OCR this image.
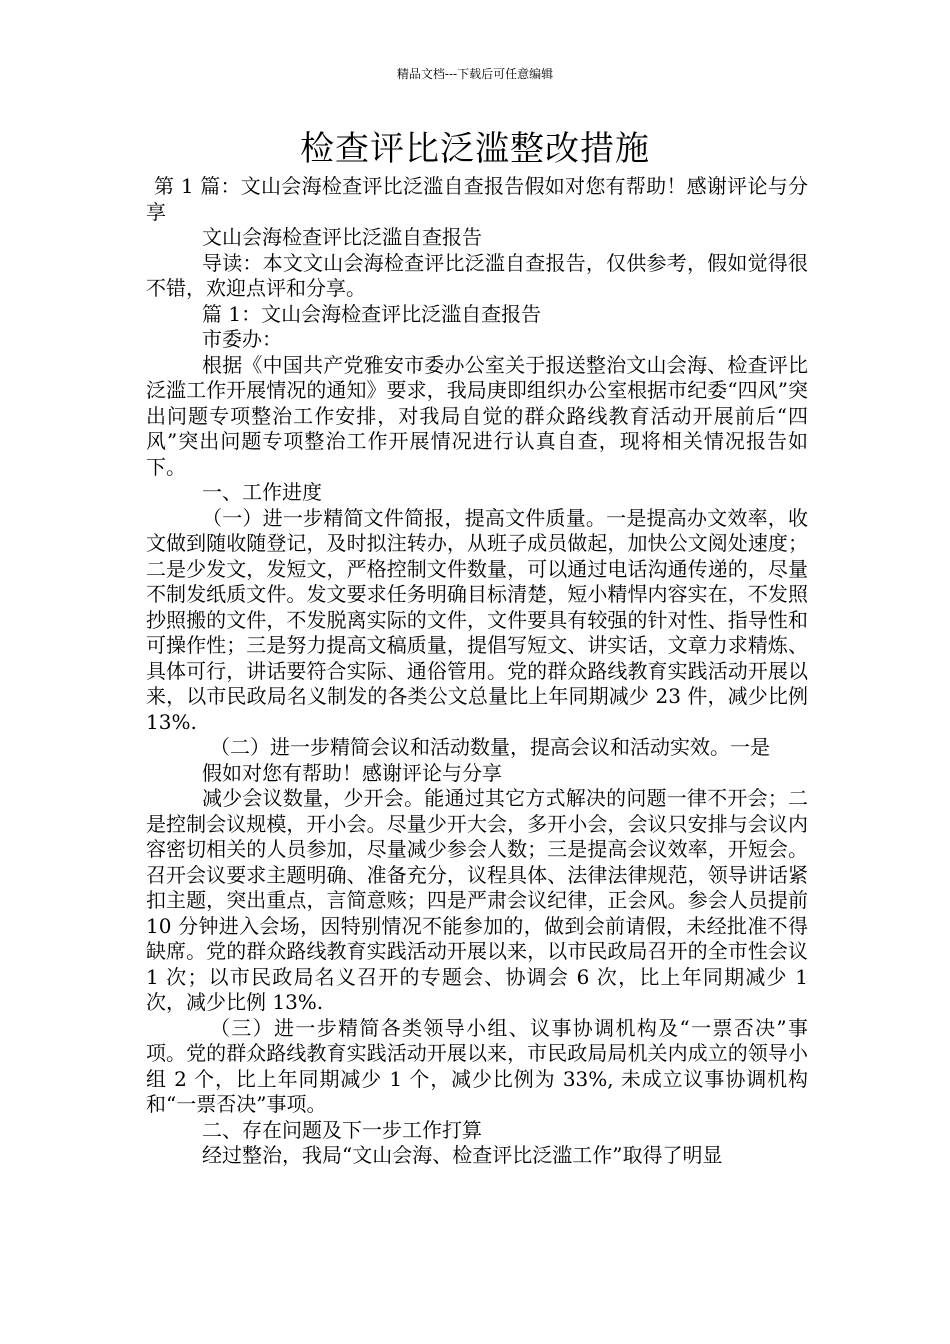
精品文档---下载后可任意编辑
检查评比泛滥整改措施

第 1 篇：文山会海检查评比泛滥自查报告假如对您有帮助！感谢评论与分享

文山会海检查评比泛滥自查报告

导读：本文文山会海检查评比泛滥自查报告，仅供参考，假如觉得很不错，欢迎点评和分享。

篇 1：文山会海检查评比泛滥自查报告

市委办：

根据《中国共产党雅安市委办公室关于报送整治文山会海、检查评比泛滥工作开展情况的通知》要求，我局庚即组织办公室根据市纪委“四风”突出问题专项整治工作安排，对我局自觉的群众路线教育活动开展前后“四风”突出问题专项整治工作开展情况进行认真自查，现将相关情况报告如下。

一、工作进度

（一）进一步精简文件简报，提高文件质量。一是提高办文效率，收文做到随收随登记，及时拟注转办，从班子成员做起，加快公文阅处速度；二是少发文，发短文，严格控制文件数量，可以通过电话沟通传递的，尽量不制发纸质文件。发文要求任务明确目标清楚，短小精悍内容实在，不发照抄照搬的文件，不发脱离实际的文件，文件要具有较强的针对性、指导性和可操作性；三是努力提高文稿质量，提倡写短文、讲实话，文章力求精炼、具体可行，讲话要符合实际、通俗管用。党的群众路线教育实践活动开展以来，以市民政局名义制发的各类公文总量比上年同期减少 23 件，减少比例 13%.

（二）进一步精简会议和活动数量，提高会议和活动实效。一是

假如对您有帮助！感谢评论与分享

减少会议数量，少开会。能通过其它方式解决的问题一律不开会；二是控制会议规模，开小会。尽量少开大会，多开小会，会议只安排与会议内容密切相关的人员参加，尽量减少参会人数；三是提高会议效率，开短会。召开会议要求主题明确、准备充分，议程具体、法律法律规范，领导讲话紧扣主题，突出重点，言简意赅；四是严肃会议纪律，正会风。参会人员提前 10 分钟进入会场，因特别情况不能参加的，做到会前请假，未经批准不得缺席。党的群众路线教育实践活动开展以来，以市民政局召开的全市性会议 1 次；以市民政局名义召开的专题会、协调会 6 次，比上年同期减少 1 次，减少比例 13%.

（三）进一步精简各类领导小组、议事协调机构及“一票否决”事项。党的群众路线教育实践活动开展以来，市民政局局机关内成立的领导小组 2 个，比上年同期减少 1 个，减少比例为 33%, 未成立议事协调机构和“一票否决”事项。

二、存在问题及下一步工作打算

经过整治，我局“文山会海、检查评比泛滥工作”取得了明显
